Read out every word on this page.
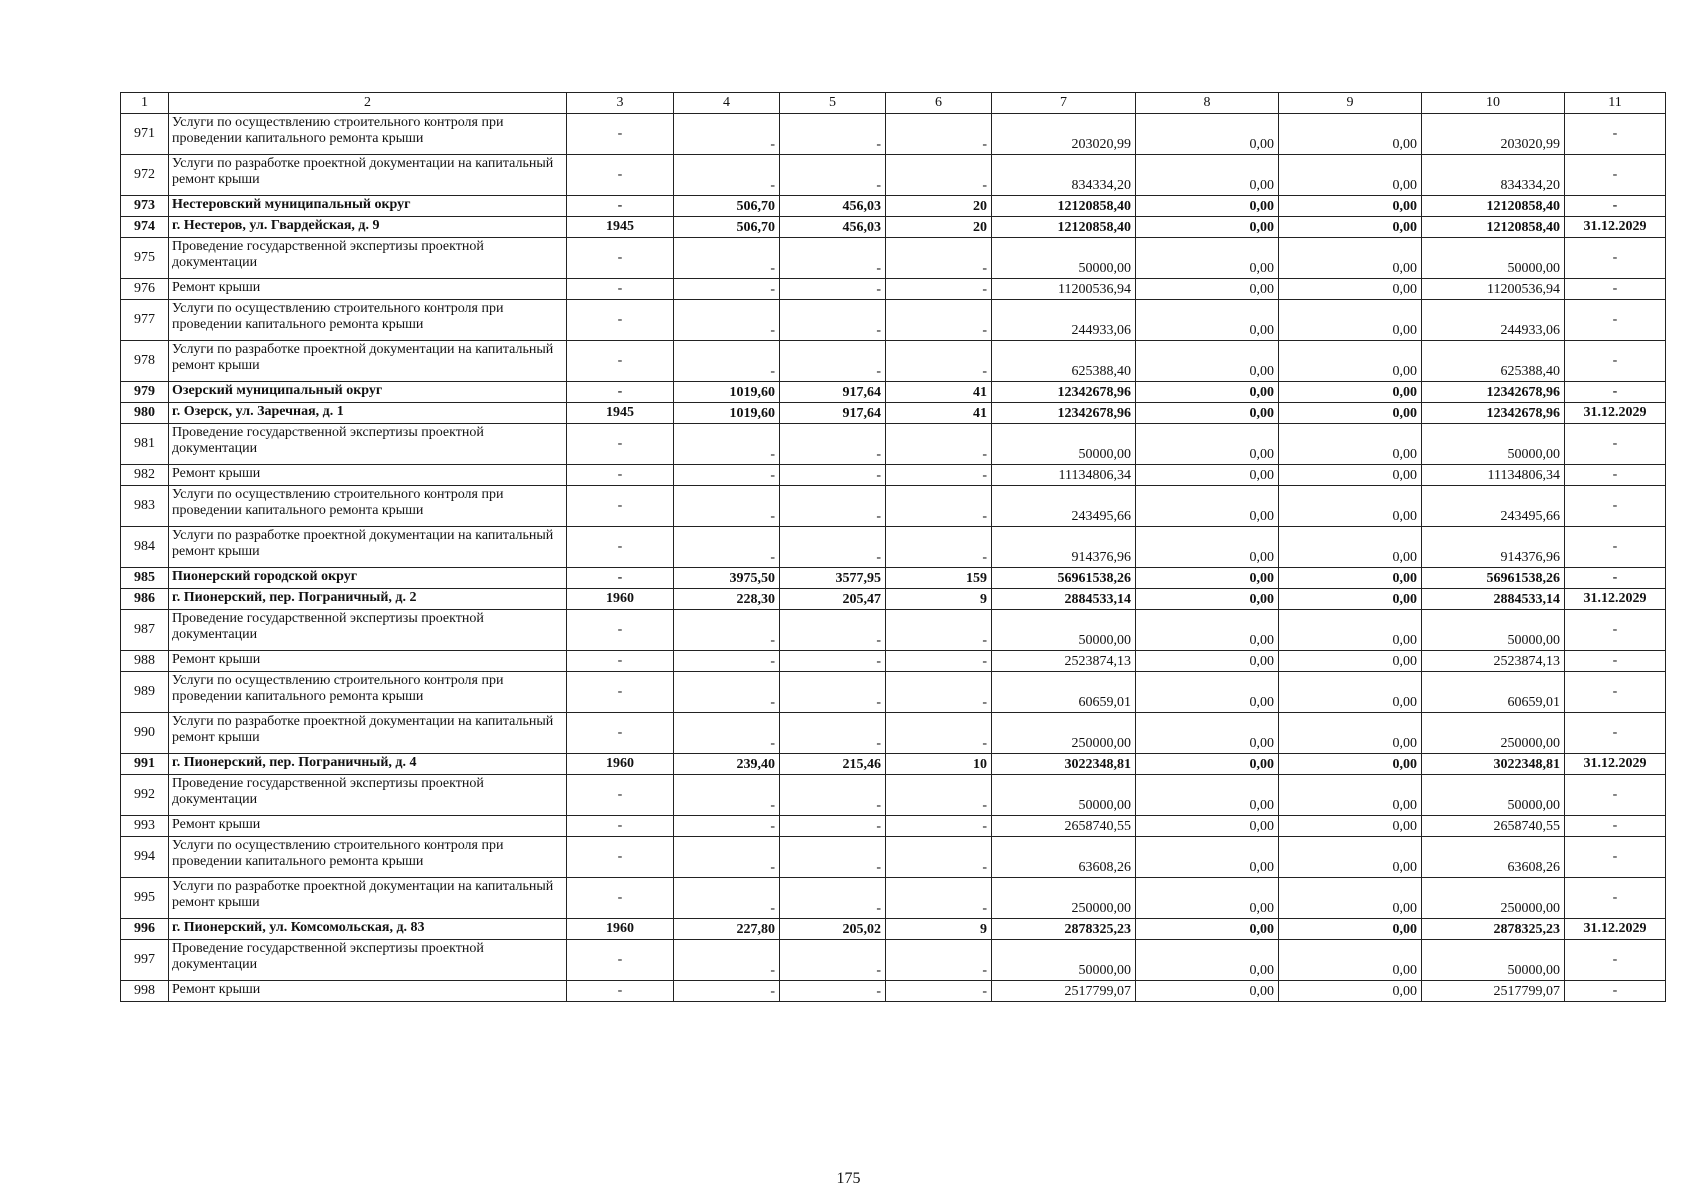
1	2	3	4	5	6	7	8	9	10	11
971	Услуги по осуществлению строительного контроля при проведении капитального ремонта крыши	-	-	-	-	203020,99	0,00	0,00	203020,99	-
972	Услуги по разработке проектной документации на капитальный ремонт крыши	-	-	-	-	834334,20	0,00	0,00	834334,20	-
973	Нестеровский муниципальный округ	-	506,70	456,03	20	12120858,40	0,00	0,00	12120858,40	-
974	г. Нестеров, ул. Гвардейская, д. 9	1945	506,70	456,03	20	12120858,40	0,00	0,00	12120858,40	31.12.2029
975	Проведение государственной экспертизы проектной документации	-	-	-	-	50000,00	0,00	0,00	50000,00	-
976	Ремонт крыши	-	-	-	-	11200536,94	0,00	0,00	11200536,94	-
977	Услуги по осуществлению строительного контроля при проведении капитального ремонта крыши	-	-	-	-	244933,06	0,00	0,00	244933,06	-
978	Услуги по разработке проектной документации на капитальный ремонт крыши	-	-	-	-	625388,40	0,00	0,00	625388,40	-
979	Озерский муниципальный округ	-	1019,60	917,64	41	12342678,96	0,00	0,00	12342678,96	-
980	г. Озерск, ул. Заречная, д. 1	1945	1019,60	917,64	41	12342678,96	0,00	0,00	12342678,96	31.12.2029
981	Проведение государственной экспертизы проектной документации	-	-	-	-	50000,00	0,00	0,00	50000,00	-
982	Ремонт крыши	-	-	-	-	11134806,34	0,00	0,00	11134806,34	-
983	Услуги по осуществлению строительного контроля при проведении капитального ремонта крыши	-	-	-	-	243495,66	0,00	0,00	243495,66	-
984	Услуги по разработке проектной документации на капитальный ремонт крыши	-	-	-	-	914376,96	0,00	0,00	914376,96	-
985	Пионерский городской округ	-	3975,50	3577,95	159	56961538,26	0,00	0,00	56961538,26	-
986	г. Пионерский, пер. Пограничный, д. 2	1960	228,30	205,47	9	2884533,14	0,00	0,00	2884533,14	31.12.2029
987	Проведение государственной экспертизы проектной документации	-	-	-	-	50000,00	0,00	0,00	50000,00	-
988	Ремонт крыши	-	-	-	-	2523874,13	0,00	0,00	2523874,13	-
989	Услуги по осуществлению строительного контроля при проведении капитального ремонта крыши	-	-	-	-	60659,01	0,00	0,00	60659,01	-
990	Услуги по разработке проектной документации на капитальный ремонт крыши	-	-	-	-	250000,00	0,00	0,00	250000,00	-
991	г. Пионерский, пер. Пограничный, д. 4	1960	239,40	215,46	10	3022348,81	0,00	0,00	3022348,81	31.12.2029
992	Проведение государственной экспертизы проектной документации	-	-	-	-	50000,00	0,00	0,00	50000,00	-
993	Ремонт крыши	-	-	-	-	2658740,55	0,00	0,00	2658740,55	-
994	Услуги по осуществлению строительного контроля при проведении капитального ремонта крыши	-	-	-	-	63608,26	0,00	0,00	63608,26	-
995	Услуги по разработке проектной документации на капитальный ремонт крыши	-	-	-	-	250000,00	0,00	0,00	250000,00	-
996	г. Пионерский, ул. Комсомольская, д. 83	1960	227,80	205,02	9	2878325,23	0,00	0,00	2878325,23	31.12.2029
997	Проведение государственной экспертизы проектной документации	-	-	-	-	50000,00	0,00	0,00	50000,00	-
998	Ремонт крыши	-	-	-	-	2517799,07	0,00	0,00	2517799,07	-
175
